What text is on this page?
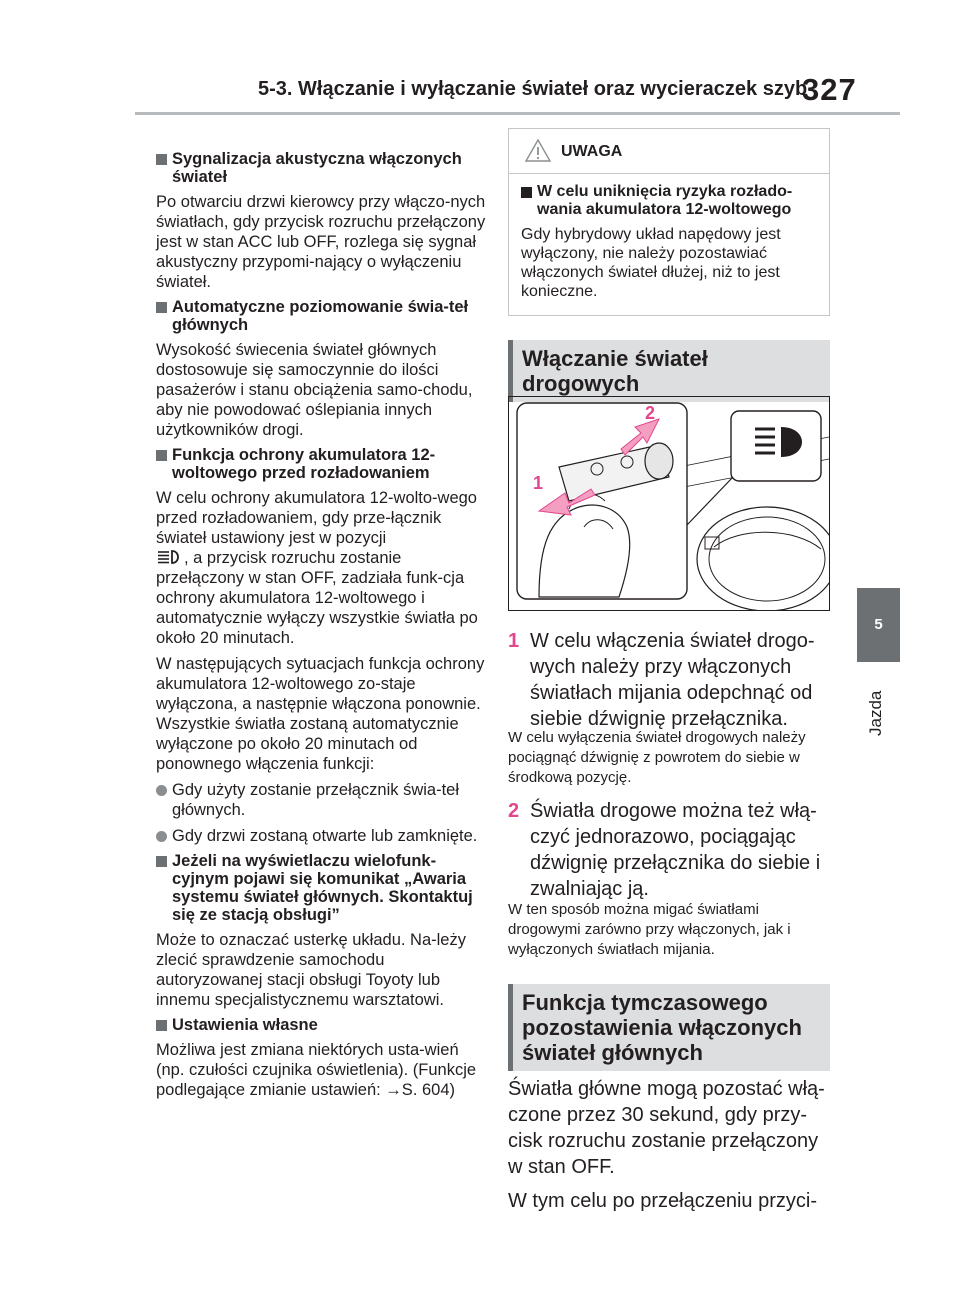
5-3. Włączanie i wyłączanie świateł oraz wycieraczek szyb
327
5
Jazda
Sygnalizacja akustyczna włączonych świateł
Po otwarciu drzwi kierowcy przy włączo-nych światłach, gdy przycisk rozruchu przełączony jest w stan ACC lub OFF, rozlega się sygnał akustyczny przypomi-nający o wyłączeniu świateł.
Automatyczne poziomowanie świa-teł głównych
Wysokość świecenia świateł głównych dostosowuje się samoczynnie do ilości pasażerów i stanu obciążenia samo-chodu, aby nie powodować oślepiania innych użytkowników drogi.
Funkcja ochrony akumulatora 12-woltowego przed rozładowaniem
W celu ochrony akumulatora 12-wolto-wego przed rozładowaniem, gdy prze-łącznik świateł ustawiony jest w pozycji
, a przycisk rozruchu zostanie przełączony w stan OFF, zadziała funk-cja ochrony akumulatora 12-woltowego i automatycznie wyłączy wszystkie światła po około 20 minutach.
W następujących sytuacjach funkcja ochrony akumulatora 12-woltowego zo-staje wyłączona, a następnie włączona ponownie. Wszystkie światła zostaną automatycznie wyłączone po około 20 minutach od ponownego włączenia funkcji:
Gdy użyty zostanie przełącznik świa-teł głównych.
Gdy drzwi zostaną otwarte lub zamknięte.
Jeżeli na wyświetlaczu wielofunk-cyjnym pojawi się komunikat „Awaria systemu świateł głównych. Skontaktuj się ze stacją obsługi”
Może to oznaczać usterkę układu. Na-leży zlecić sprawdzenie samochodu autoryzowanej stacji obsługi Toyoty lub innemu specjalistycznemu warsztatowi.
Ustawienia własne
Możliwa jest zmiana niektórych usta-wień (np. czułości czujnika oświetlenia). (Funkcje podlegające zmianie ustawień: →S. 604)
UWAGA
W celu uniknięcia ryzyka rozłado-wania akumulatora 12-woltowego
Gdy hybrydowy układ napędowy jest wyłączony, nie należy pozostawiać włączonych świateł dłużej, niż to jest konieczne.
Włączanie świateł drogowych
1
2
1 W celu włączenia świateł drogo-wych należy przy włączonych światłach mijania odepchnąć od siebie dźwignię przełącznika.
W celu wyłączenia świateł drogowych należy pociągnąć dźwignię z powrotem do siebie w środkową pozycję.
2 Światła drogowe można też włą-czyć jednorazowo, pociągając dźwignię przełącznika do siebie i zwalniając ją.
W ten sposób można migać światłami drogowymi zarówno przy włączonych, jak i wyłączonych światłach mijania.
Funkcja tymczasowego pozostawienia włączonych świateł głównych

Światła główne mogą pozostać włą-czone przez 30 sekund, gdy przy-cisk rozruchu zostanie przełączony w stan OFF.

W tym celu po przełączeniu przyci-
